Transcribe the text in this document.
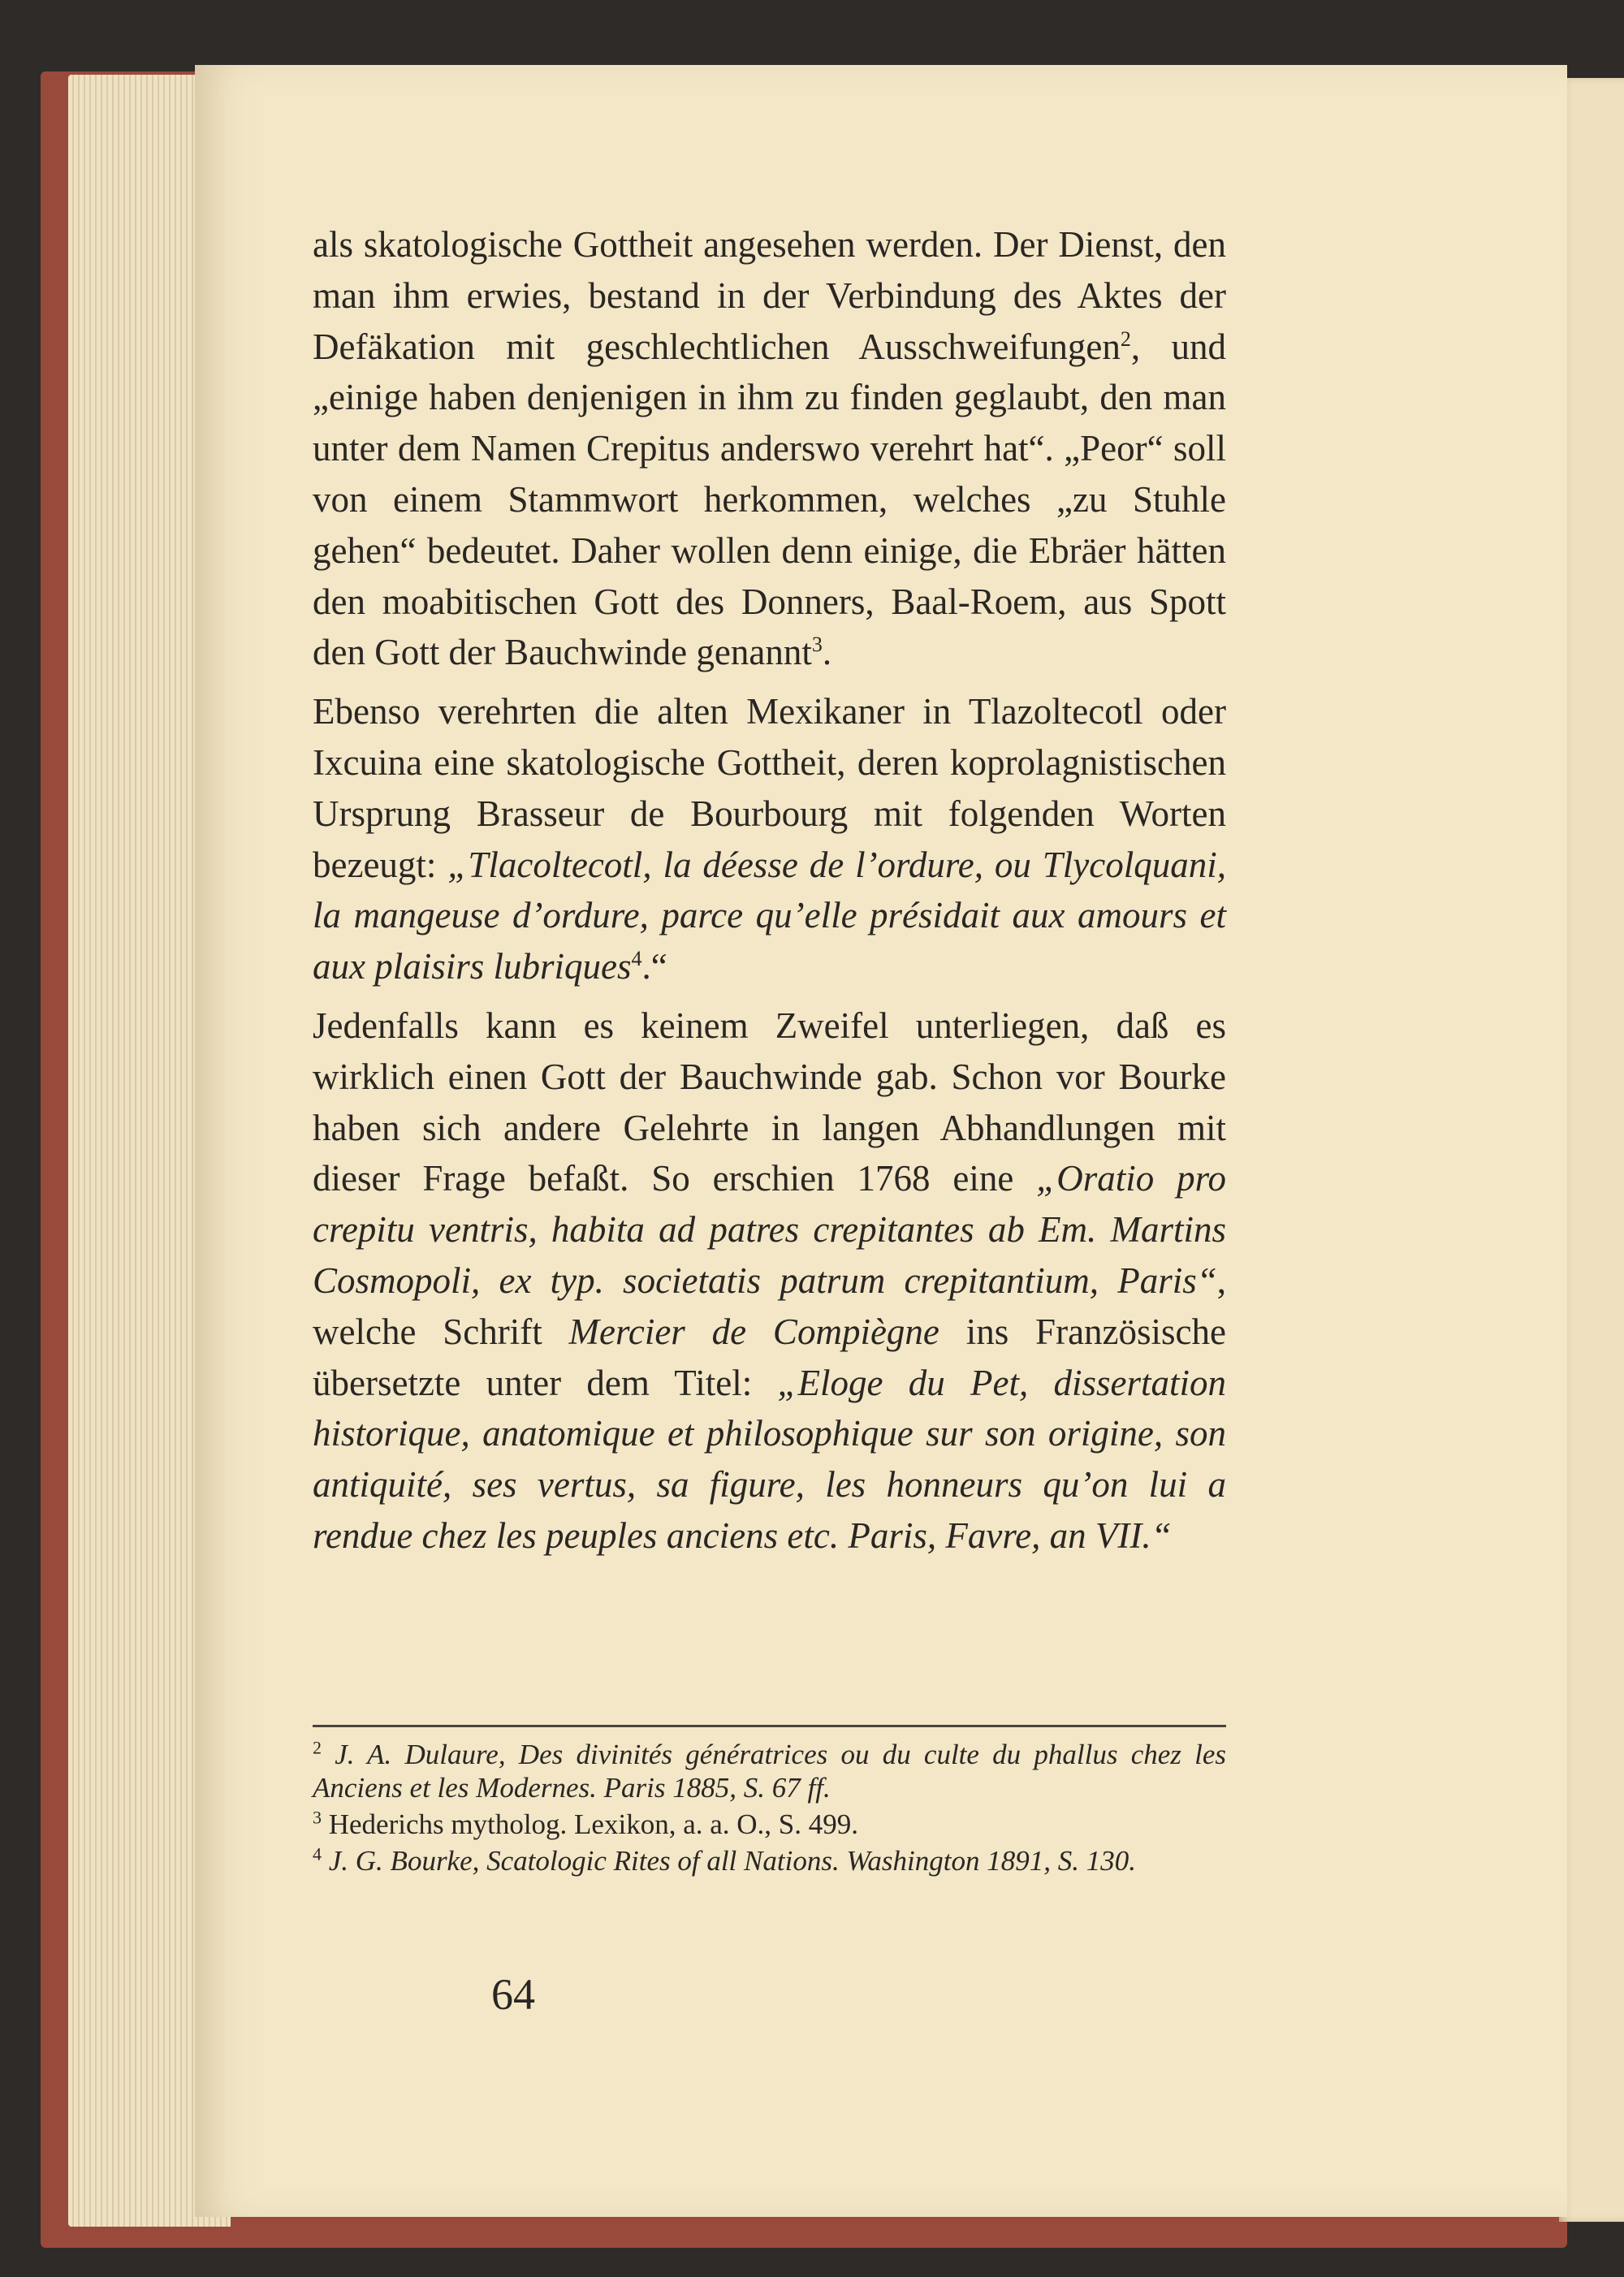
als skatologische Gottheit angesehen werden. Der Dienst, den man ihm erwies, bestand in der Verbindung des Aktes der Defäkation mit geschlechtlichen Ausschweifungen$^2$, und „einige haben denjenigen in ihm zu finden geglaubt, den man unter dem Namen Crepitus anderswo verehrt hat“. „Peor“ soll von einem Stammwort herkommen, welches „zu Stuhle gehen“ bedeutet. Daher wollen denn einige, die Ebräer hätten den moabitischen Gott des Donners, Baal-Roem, aus Spott den Gott der Bauchwinde genannt$^3$.

Ebenso verehrten die alten Mexikaner in Tlazoltecotl oder Ixcuina eine skatologische Gottheit, deren koprolagnistischen Ursprung Brasseur de Bourbourg mit folgenden Worten bezeugt: „Tlacoltecotl, la déesse de l’ordure, ou Tlycolquani, la mangeuse d’ordure, parce qu’elle présidait aux amours et aux plaisirs lubriques$^4$.“

Jedenfalls kann es keinem Zweifel unterliegen, daß es wirklich einen Gott der Bauchwinde gab. Schon vor Bourke haben sich andere Gelehrte in langen Abhandlungen mit dieser Frage befaßt. So erschien 1768 eine „Oratio pro crepitu ventris, habita ad patres crepitantes ab Em. Martins Cosmopoli, ex typ. societatis patrum crepitantium, Paris“, welche Schrift Mercier de Compiègne ins Französische übersetzte unter dem Titel: „Eloge du Pet, dissertation historique, anatomique et philosophique sur son origine, son antiquité, ses vertus, sa figure, les honneurs qu’on lui a rendue chez les peuples anciens etc. Paris, Favre, an VII.“

$^2$ J. A. Dulaure, Des divinités génératrices ou du culte du phallus chez les Anciens et les Modernes. Paris 1885, S. 67 ff.

$^3$ Hederichs mytholog. Lexikon, a. a. O., S. 499.

$^4$ J. G. Bourke, Scatologic Rites of all Nations. Washington 1891, S. 130.

64
